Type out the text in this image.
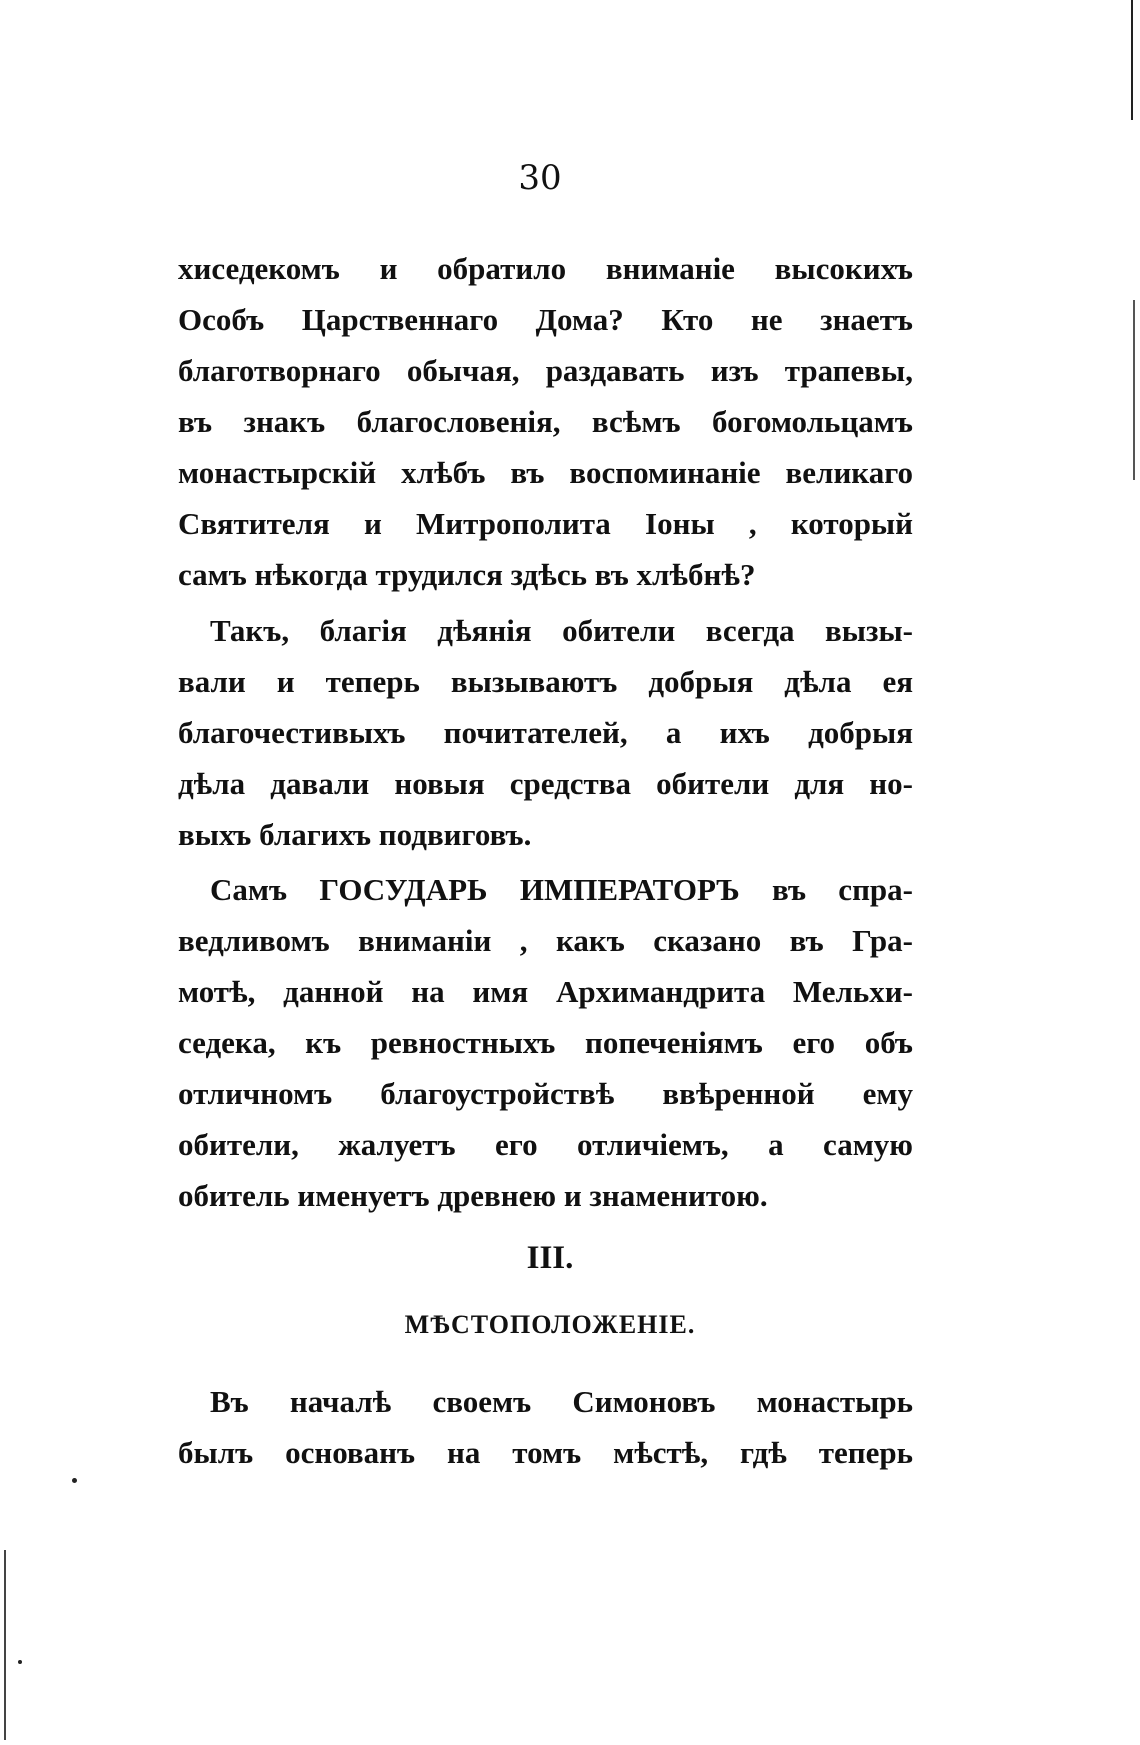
30
хиседекомъ и обратило вниманіе высокихъ
Особъ Царственнаго Дома? Кто не знаетъ
благотворнаго обычая, раздавать изъ трапевы,
въ знакъ благословенія, всѣмъ богомольцамъ
монастырскій хлѣбъ въ воспоминаніе великаго
Святителя и Митрополита Іоны , который
самъ нѣкогда трудился здѣсь въ хлѣбнѣ?
Такъ, благія дѣянія обители всегда вызы-
вали и теперь вызываютъ добрыя дѣла ея
благочестивыхъ почитателей, а ихъ добрыя
дѣла давали новыя средства обители для но-
выхъ благихъ подвиговъ.
Самъ ГОСУДАРЬ ИМПЕРАТОРЪ въ спра-
ведливомъ вниманіи , какъ сказано въ Гра-
мотѣ, данной на имя Архимандрита Мельхи-
седека, къ ревностныхъ попеченіямъ его объ
отличномъ благоустройствѣ ввѣренной ему
обители, жалуетъ его отличіемъ, а самую
обитель именуетъ древнею и знаменитою.
III.
МѢСТОПОЛОЖЕНІЕ.
Въ началѣ своемъ Симоновъ монастырь
былъ основанъ на томъ мѣстѣ, гдѣ теперь
